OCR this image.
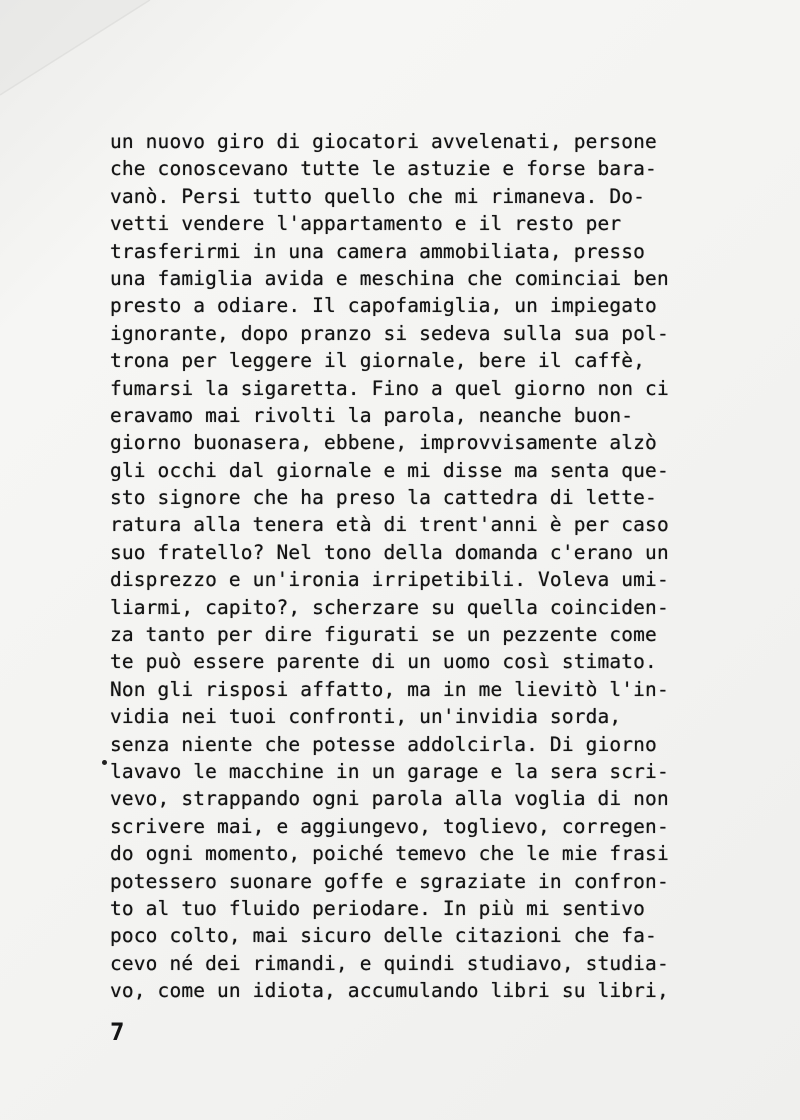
un nuovo giro di giocatori avvelenati, persone
che conoscevano tutte le astuzie e forse bara-
vanò. Persi tutto quello che mi rimaneva. Do-
vetti vendere l'appartamento e il resto per
trasferirmi in una camera ammobiliata, presso
una famiglia avida e meschina che cominciai ben
presto a odiare. Il capofamiglia, un impiegato
ignorante, dopo pranzo si sedeva sulla sua pol-
trona per leggere il giornale, bere il caffè,
fumarsi la sigaretta. Fino a quel giorno non ci
eravamo mai rivolti la parola, neanche buon-
giorno buonasera, ebbene, improvvisamente alzò
gli occhi dal giornale e mi disse ma senta que-
sto signore che ha preso la cattedra di lette-
ratura alla tenera età di trent'anni è per caso
suo fratello? Nel tono della domanda c'erano un
disprezzo e un'ironia irripetibili. Voleva umi-
liarmi, capito?, scherzare su quella coinciden-
za tanto per dire figurati se un pezzente come
te può essere parente di un uomo così stimato.
Non gli risposi affatto, ma in me lievitò l'in-
vidia nei tuoi confronti, un'invidia sorda,
senza niente che potesse addolcirla. Di giorno
lavavo le macchine in un garage e la sera scri-
vevo, strappando ogni parola alla voglia di non
scrivere mai, e aggiungevo, toglievo, corregen-
do ogni momento, poiché temevo che le mie frasi
potessero suonare goffe e sgraziate in confron-
to al tuo fluido periodare. In più mi sentivo
poco colto, mai sicuro delle citazioni che fa-
cevo né dei rimandi, e quindi studiavo, studia-
vo, come un idiota, accumulando libri su libri,
7
